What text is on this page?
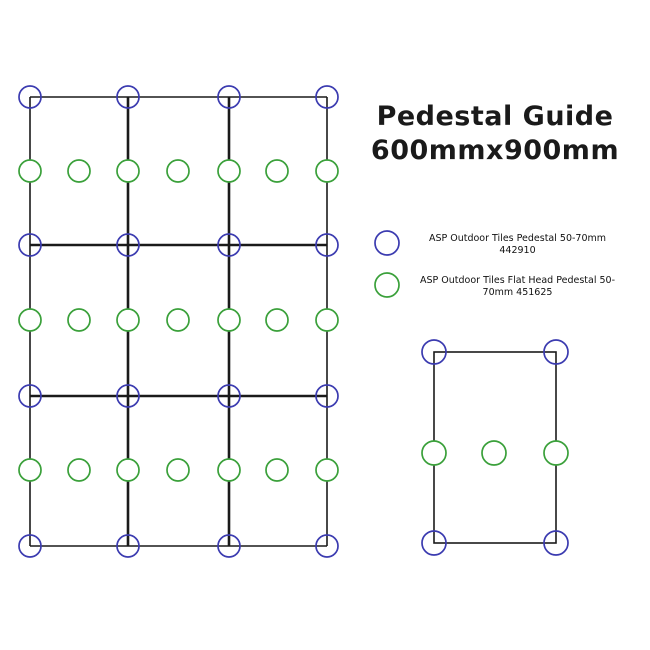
Pedestal Guide
600mmx900mm
ASP Outdoor Tiles Pedestal 50-70mm 442910
ASP Outdoor Tiles Flat Head Pedestal 50-70mm 451625
